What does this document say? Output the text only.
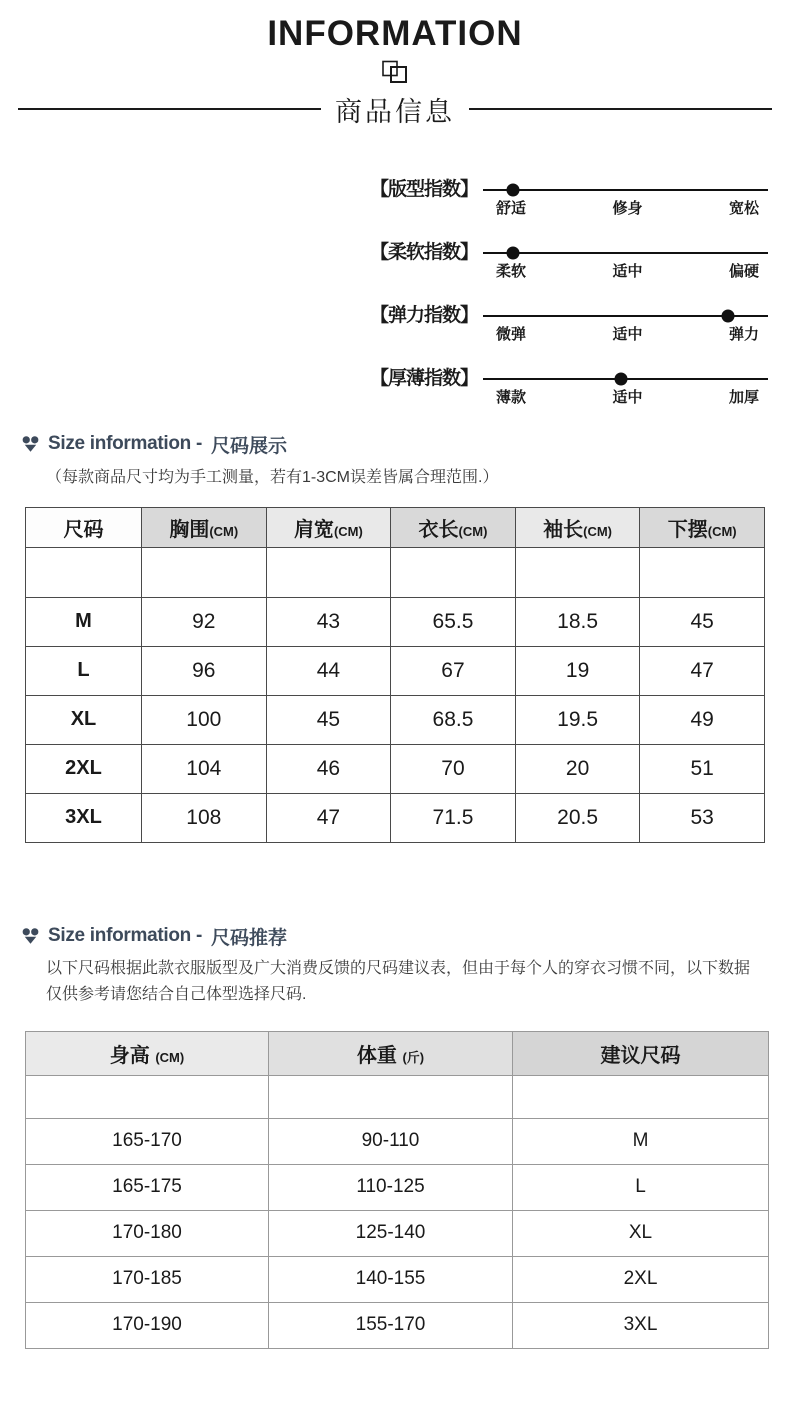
INFORMATION
商品信息
【版型指数】
舒适	修身	宽松
【柔软指数】
柔软	适中	偏硬
【弹力指数】
微弹	适中	弹力
【厚薄指数】
薄款	适中	加厚
Size information - 尺码展示
（每款商品尺寸均为手工测量，若有1-3CM误差皆属合理范围.）
尺码	胸围(CM)	肩宽(CM)	衣长(CM)	袖长(CM)	下摆(CM)

M	92	43	65.5	18.5	45
L	96	44	67	19	47
XL	100	45	68.5	19.5	49
2XL	104	46	70	20	51
3XL	108	47	71.5	20.5	53
Size information - 尺码推荐
以下尺码根据此款衣服版型及广大消费反馈的尺码建议表，但由于每个人的穿衣习惯不同，以下数据仅供参考请您结合自己体型选择尺码.
身高 (CM)	体重 (斤)	建议尺码

165-170	90-110	M
165-175	110-125	L
170-180	125-140	XL
170-185	140-155	2XL
170-190	155-170	3XL
